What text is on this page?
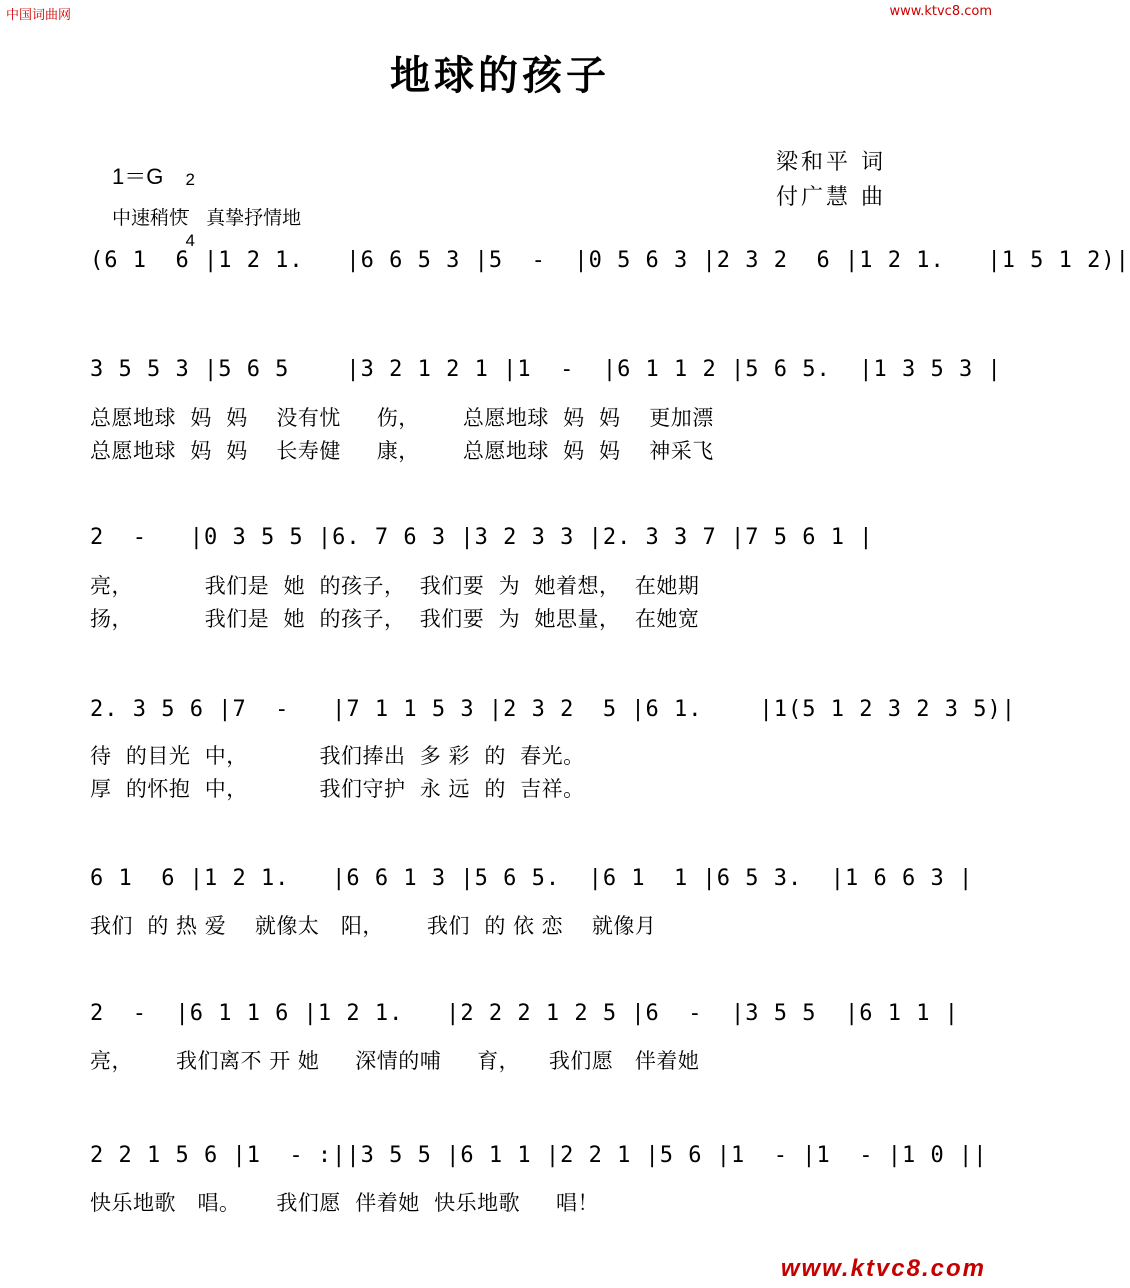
中国词曲网	www.ktvc8.com
地球的孩子
1＝G	2

4

中速稍快   真挚抒情地
梁和平 词
付广慧 曲
(6 1  6 |1 2 1.   |6 6 5 3 |5  -  |0 5 6 3 |2 3 2  6 |1 2 1.   |1 5 1 2)|
3 5 5 3 |5 6 5    |3 2 1 2 1 |1  -  |6 1 1 2 |5 6 5.  |1 3 5 3 |
总愿地球  妈  妈    没有忧     伤，      总愿地球  妈  妈    更加漂
总愿地球  妈  妈    长寿健     康，      总愿地球  妈  妈    神采飞
2  -   |0 3 5 5 |6. 7 6 3 |3 2 3 3 |2. 3 3 7 |7 5 6 1 |
亮，          我们是  她  的孩子，  我们要  为  她着想，  在她期
扬，          我们是  她  的孩子，  我们要  为  她思量，  在她宽
2. 3 5 6 |7  -   |7 1 1 5 3 |2 3 2  5 |6 1.    |1(5 1 2 3 2 3 5)|
待  的目光  中，          我们捧出  多 彩  的  春光。
厚  的怀抱  中，          我们守护  永 远  的  吉祥。
6 1  6 |1 2 1.   |6 6 1 3 |5 6 5.  |6 1  1 |6 5 3.  |1 6 6 3 |
我们  的 热 爱    就像太   阳，      我们  的 依 恋    就像月
2  -  |6 1 1 6 |1 2 1.   |2 2 2 1 2 5 |6  -  |3 5 5  |6 1 1 |
亮，      我们离不 开 她     深情的哺     育，    我们愿   伴着她
2 2 1 5 6 |1  - :||3 5 5 |6 1 1 |2 2 1 |5 6 |1  - |1  - |1 0 ||
快乐地歌   唱。     我们愿  伴着她  快乐地歌     唱！
www.ktvc8.com
